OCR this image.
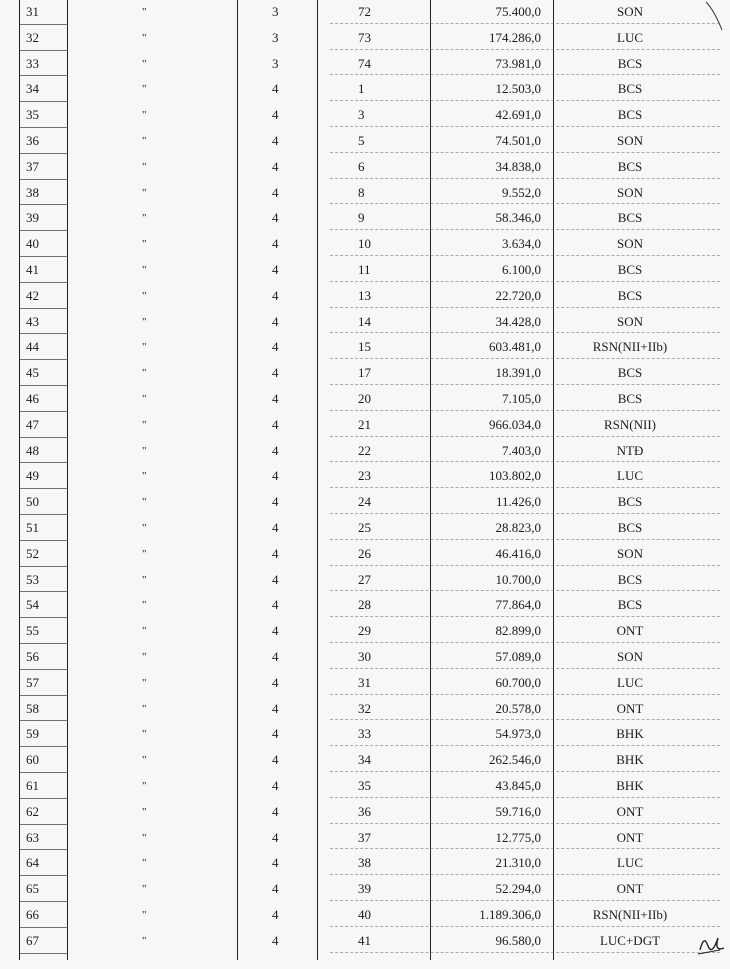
31	"	3	72	75.400,0	SON
32	"	3	73	174.286,0	LUC
33	"	3	74	73.981,0	BCS
34	"	4	1	12.503,0	BCS
35	"	4	3	42.691,0	BCS
36	"	4	5	74.501,0	SON
37	"	4	6	34.838,0	BCS
38	"	4	8	9.552,0	SON
39	"	4	9	58.346,0	BCS
40	"	4	10	3.634,0	SON
41	"	4	11	6.100,0	BCS
42	"	4	13	22.720,0	BCS
43	"	4	14	34.428,0	SON
44	"	4	15	603.481,0	RSN(NII+IIb)
45	"	4	17	18.391,0	BCS
46	"	4	20	7.105,0	BCS
47	"	4	21	966.034,0	RSN(NII)
48	"	4	22	7.403,0	NTĐ
49	"	4	23	103.802,0	LUC
50	"	4	24	11.426,0	BCS
51	"	4	25	28.823,0	BCS
52	"	4	26	46.416,0	SON
53	"	4	27	10.700,0	BCS
54	"	4	28	77.864,0	BCS
55	"	4	29	82.899,0	ONT
56	"	4	30	57.089,0	SON
57	"	4	31	60.700,0	LUC
58	"	4	32	20.578,0	ONT
59	"	4	33	54.973,0	BHK
60	"	4	34	262.546,0	BHK
61	"	4	35	43.845,0	BHK
62	"	4	36	59.716,0	ONT
63	"	4	37	12.775,0	ONT
64	"	4	38	21.310,0	LUC
65	"	4	39	52.294,0	ONT
66	"	4	40	1.189.306,0	RSN(NII+IIb)
67	"	4	41	96.580,0	LUC+DGT
